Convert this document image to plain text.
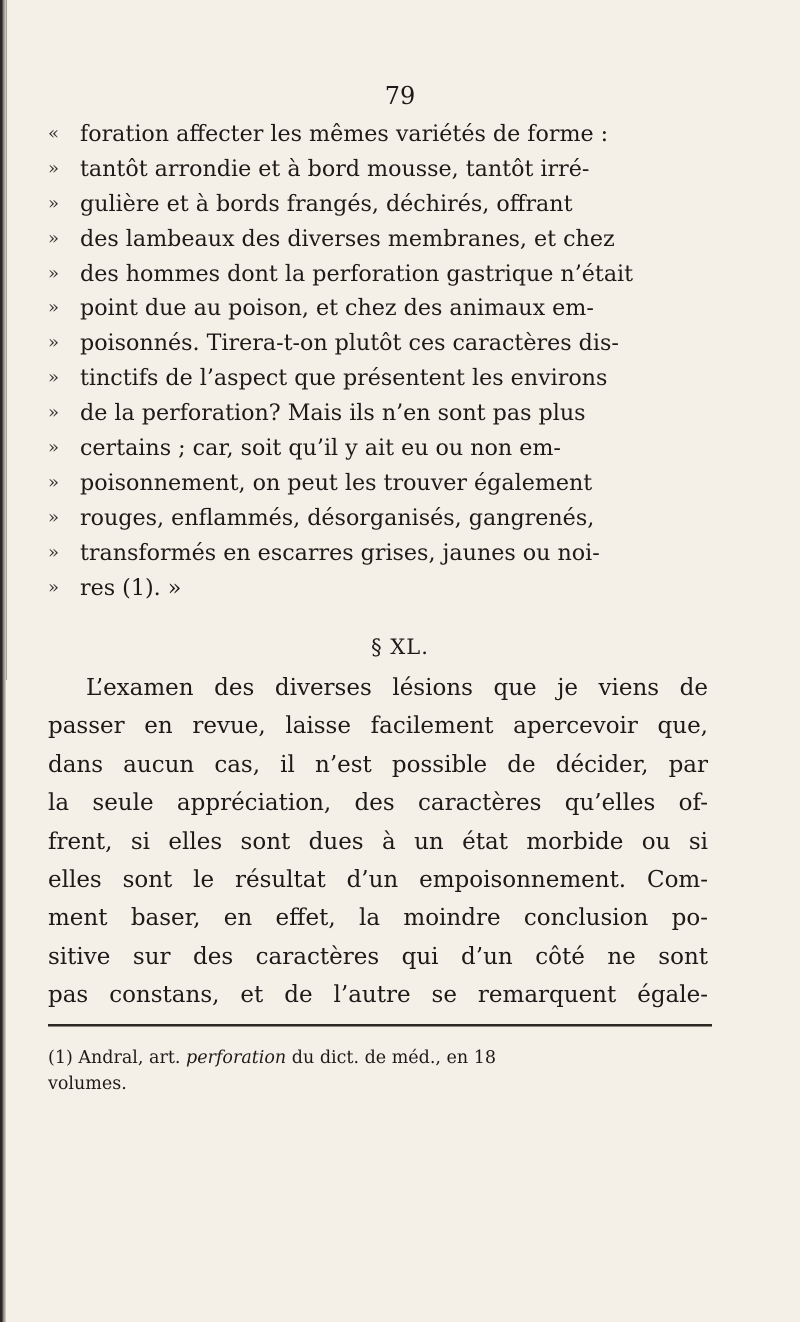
79
« foration affecter les mêmes variétés de forme :
» tantôt arrondie et à bord mousse, tantôt irré-
» gulière et à bords frangés, déchirés, offrant
» des lambeaux des diverses membranes, et chez
» des hommes dont la perforation gastrique n’était
» point due au poison, et chez des animaux em-
» poisonnés. Tirera-t-on plutôt ces caractères dis-
» tinctifs de l’aspect que présentent les environs
» de la perforation? Mais ils n’en sont pas plus
» certains ; car, soit qu’il y ait eu ou non em-
» poisonnement, on peut les trouver également
» rouges, enflammés, désorganisés, gangrenés,
» transformés en escarres grises, jaunes ou noi-
» res (1). »
§ XL.
L’examen des diverses lésions que je viens de
passer en revue, laisse facilement apercevoir que,
dans aucun cas, il n’est possible de décider, par
la seule appréciation, des caractères qu’elles of-
frent, si elles sont dues à un état morbide ou si
elles sont le résultat d’un empoisonnement. Com-
ment baser, en effet, la moindre conclusion po-
sitive sur des caractères qui d’un côté ne sont
pas constans, et de l’autre se remarquent égale-
(1) Andral, art. perforation du dict. de méd., en 18
volumes.
